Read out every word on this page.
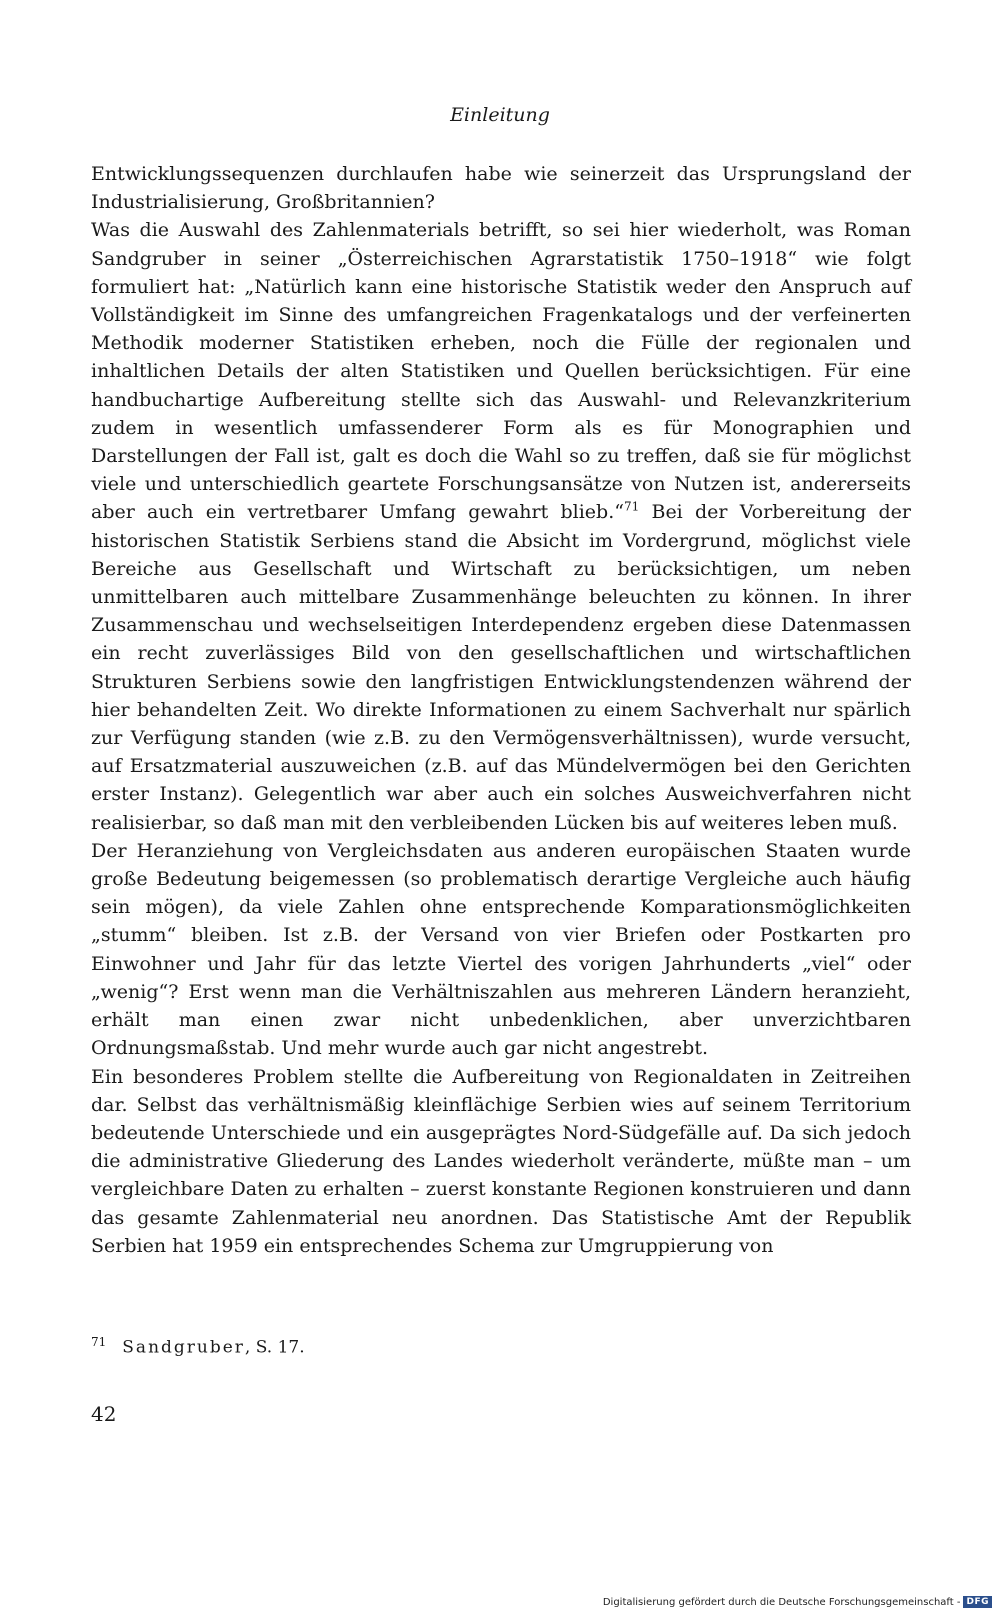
Einleitung

Entwicklungssequenzen durchlaufen habe wie seinerzeit das Ursprungsland der Industrialisierung, Großbritannien?

Was die Auswahl des Zahlenmaterials betrifft, so sei hier wiederholt, was Roman Sandgruber in seiner „Österreichischen Agrarstatistik 1750–1918“ wie folgt formuliert hat: „Natürlich kann eine historische Statistik weder den Anspruch auf Vollständigkeit im Sinne des umfangreichen Fragenkatalogs und der verfeinerten Methodik moderner Statistiken erheben, noch die Fülle der regionalen und inhaltlichen Details der alten Statistiken und Quellen berücksichtigen. Für eine handbuchartige Aufbereitung stellte sich das Auswahl- und Relevanzkriterium zudem in wesentlich umfassenderer Form als es für Monographien und Darstellungen der Fall ist, galt es doch die Wahl so zu treffen, daß sie für möglichst viele und unterschiedlich geartete Forschungsansätze von Nutzen ist, andererseits aber auch ein vertretbarer Umfang gewahrt blieb.“$^{71}$ Bei der Vorbereitung der historischen Statistik Serbiens stand die Absicht im Vordergrund, möglichst viele Bereiche aus Gesellschaft und Wirtschaft zu berücksichtigen, um neben unmittelbaren auch mittelbare Zusammenhänge beleuchten zu können. In ihrer Zusammenschau und wechselseitigen Interdependenz ergeben diese Datenmassen ein recht zuverlässiges Bild von den gesellschaftlichen und wirtschaftlichen Strukturen Serbiens sowie den langfristigen Entwicklungstendenzen während der hier behandelten Zeit. Wo direkte Informationen zu einem Sachverhalt nur spärlich zur Verfügung standen (wie z.B. zu den Vermögensverhältnissen), wurde versucht, auf Ersatzmaterial auszuweichen (z.B. auf das Mündelvermögen bei den Gerichten erster Instanz). Gelegentlich war aber auch ein solches Ausweichverfahren nicht realisierbar, so daß man mit den verbleibenden Lücken bis auf weiteres leben muß.

Der Heranziehung von Vergleichsdaten aus anderen europäischen Staaten wurde große Bedeutung beigemessen (so problematisch derartige Vergleiche auch häufig sein mögen), da viele Zahlen ohne entsprechende Komparationsmöglichkeiten „stumm“ bleiben. Ist z.B. der Versand von vier Briefen oder Postkarten pro Einwohner und Jahr für das letzte Viertel des vorigen Jahrhunderts „viel“ oder „wenig“? Erst wenn man die Verhältniszahlen aus mehreren Ländern heranzieht, erhält man einen zwar nicht unbedenklichen, aber unverzichtbaren Ordnungsmaßstab. Und mehr wurde auch gar nicht angestrebt.

Ein besonderes Problem stellte die Aufbereitung von Regionaldaten in Zeitreihen dar. Selbst das verhältnismäßig kleinflächige Serbien wies auf seinem Territorium bedeutende Unterschiede und ein ausgeprägtes Nord-Südgefälle auf. Da sich jedoch die administrative Gliederung des Landes wiederholt veränderte, müßte man – um vergleichbare Daten zu erhalten – zuerst konstante Regionen konstruieren und dann das gesamte Zahlenmaterial neu anordnen. Das Statistische Amt der Republik Serbien hat 1959 ein entsprechendes Schema zur Umgruppierung von

$^{71}$ Sandgruber, S. 17.
42
Digitalisierung gefördert durch die Deutsche Forschungsgemeinschaft - DFG
